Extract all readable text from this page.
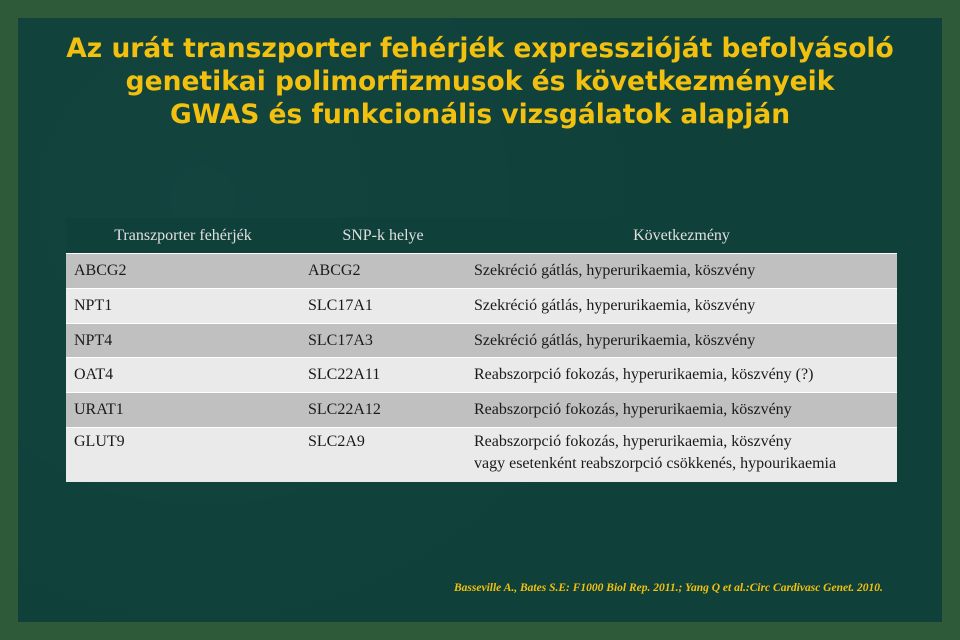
Az urát transzporter fehérjék expresszióját befolyásoló
genetikai polimorfizmusok és következményeik
GWAS és funkcionális vizsgálatok alapján
Transzporter fehérjék	SNP-k helye	Következmény
ABCG2	ABCG2	Szekréció gátlás, hyperurikaemia, köszvény
NPT1	SLC17A1	Szekréció gátlás, hyperurikaemia, köszvény
NPT4	SLC17A3	Szekréció gátlás, hyperurikaemia, köszvény
OAT4	SLC22A11	Reabszorpció fokozás, hyperurikaemia, köszvény (?)
URAT1	SLC22A12	Reabszorpció fokozás, hyperurikaemia, köszvény
GLUT9	SLC2A9	Reabszorpció fokozás, hyperurikaemia, köszvény
vagy esetenként reabszorpció csökkenés, hypourikaemia
Basseville A., Bates S.E: F1000 Biol Rep. 2011.; Yang Q et al.:Circ Cardivasc Genet. 2010.
